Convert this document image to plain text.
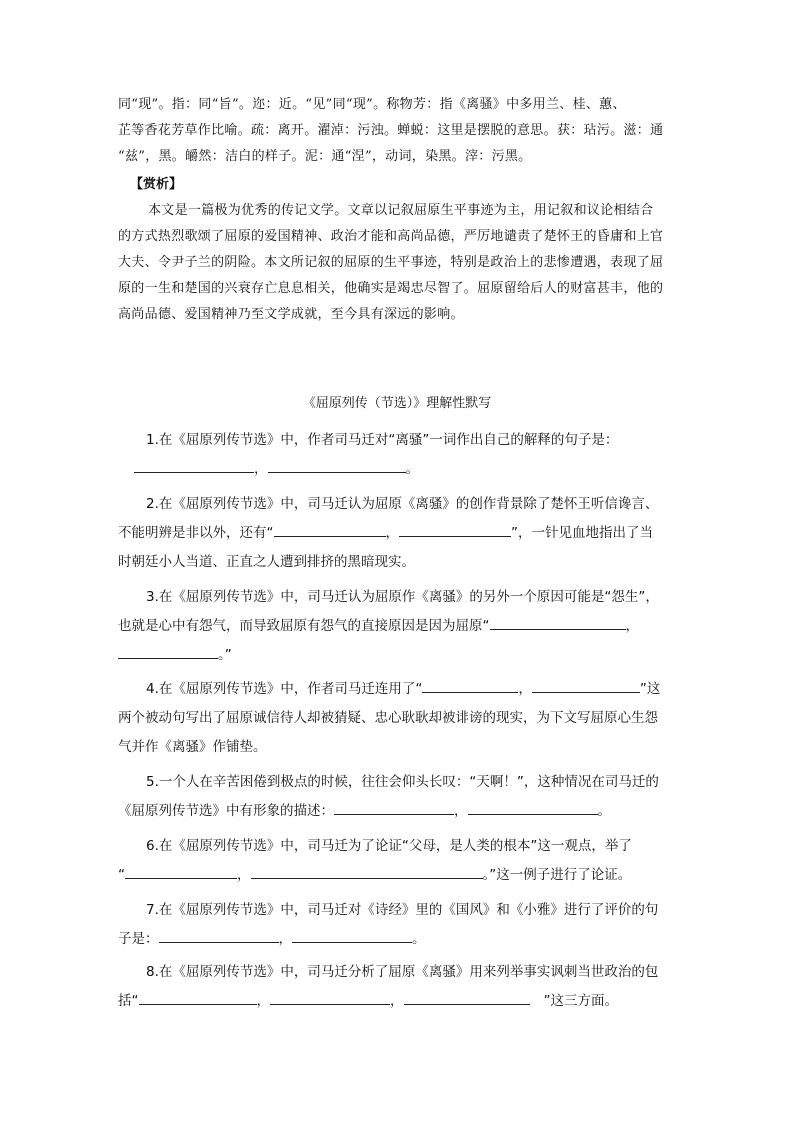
同“现”。指：同“旨”。迩：近。“见”同“现”。称物芳：指《离骚》中多用兰、桂、蕙、
芷等香花芳草作比喻。疏：离开。濯淖：污浊。蝉蜕：这里是摆脱的意思。获：玷污。滋：通
“兹”，黑。皭然：洁白的样子。泥：通“涅”，动词，染黑。滓：污黑。
【赏析】
本文是一篇极为优秀的传记文学。文章以记叙屈原生平事迹为主，用记叙和议论相结合
的方式热烈歌颂了屈原的爱国精神、政治才能和高尚品德，严厉地谴责了楚怀王的昏庸和上官
大夫、令尹子兰的阴险。本文所记叙的屈原的生平事迹，特别是政治上的悲惨遭遇，表现了屈
原的一生和楚国的兴衰存亡息息相关，他确实是竭忠尽智了。屈原留给后人的财富甚丰，他的
高尚品德、爱国精神乃至文学成就，至今具有深远的影响。
《屈原列传（节选）》理解性默写
1.在《屈原列传节选》中，作者司马迁对“离骚”一词作出自己的解释的句子是：
，	。
2.在《屈原列传节选》中，司马迁认为屈原《离骚》的创作背景除了楚怀王听信谗言、
不能明辨是非以外，还有“	，	”，一针见血地指出了当
时朝廷小人当道、正直之人遭到排挤的黑暗现实。
3.在《屈原列传节选》中，司马迁认为屈原作《离骚》的另外一个原因可能是“怨生”，
也就是心中有怨气，而导致屈原有怨气的直接原因是因为屈原“	，
。”
4.在《屈原列传节选》中，作者司马迁连用了“	，	”这
两个被动句写出了屈原诚信待人却被猜疑、忠心耿耿却被诽谤的现实，为下文写屈原心生怨
气并作《离骚》作铺垫。
5.一个人在辛苦困倦到极点的时候，往往会仰头长叹：“天啊！”，这种情况在司马迁的
《屈原列传节选》中有形象的描述：	，	。
6.在《屈原列传节选》中，司马迁为了论证“父母，是人类的根本”这一观点，举了
“	，	。”这一例子进行了论证。
7.在《屈原列传节选》中，司马迁对《诗经》里的《国风》和《小雅》进行了评价的句
子是：	，	。
8.在《屈原列传节选》中，司马迁分析了屈原《离骚》用来列举事实讽刺当世政治的包
括“	，	，	”这三方面。
